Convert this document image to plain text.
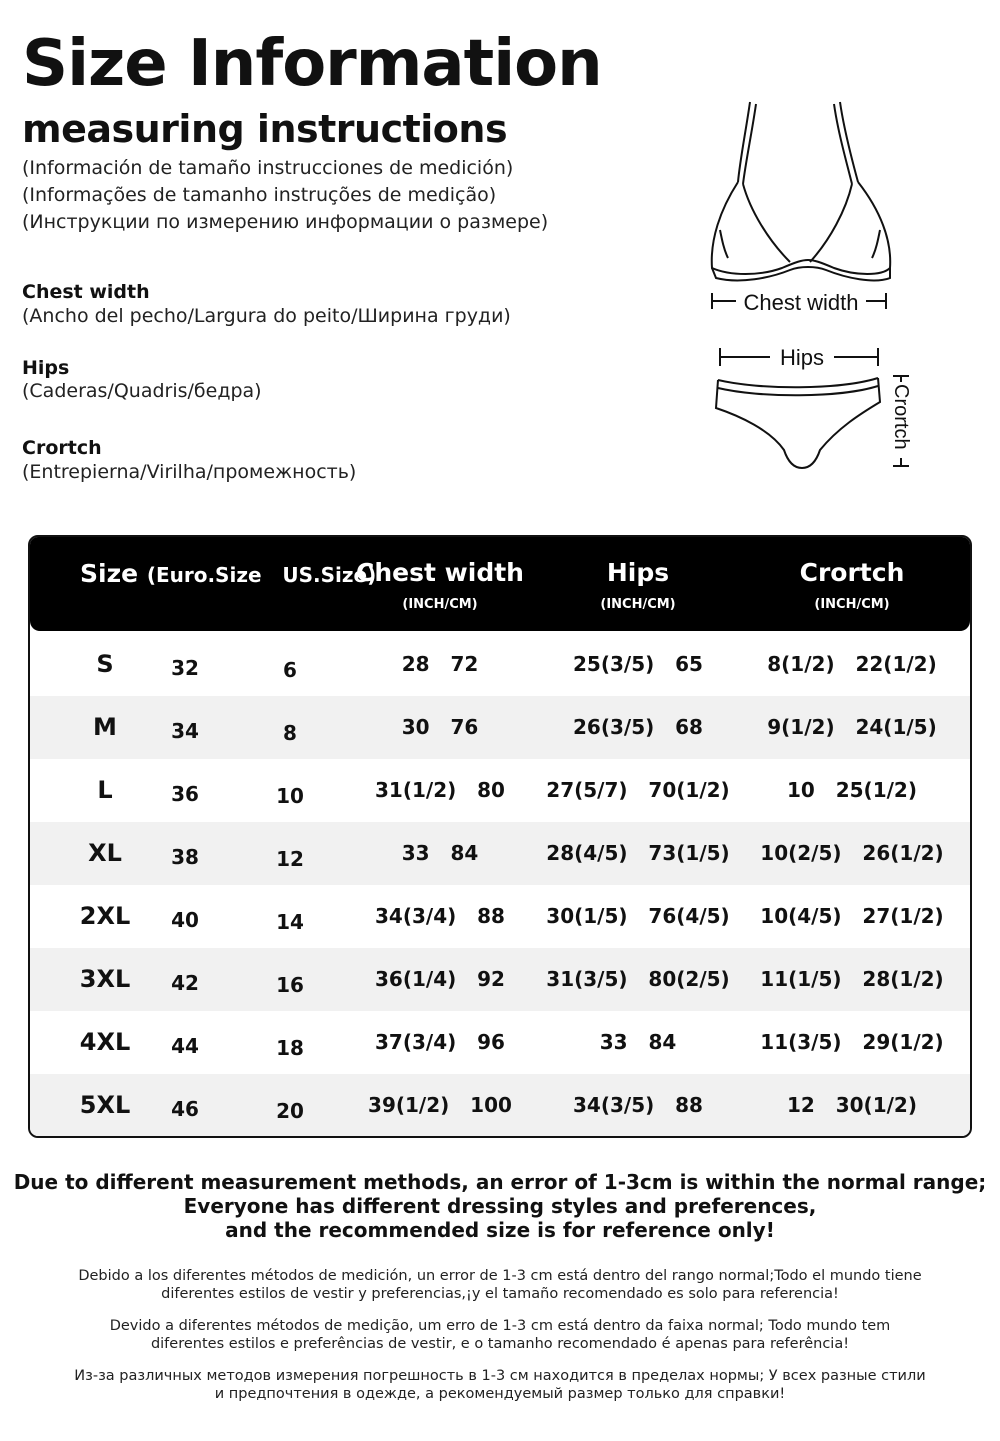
Size Information
measuring instructions
(Información de tamaño instrucciones de medición)
(Informações de tamanho instruções de medição)
(Инструкции по измерению информации о размере)
Chest width
(Ancho del pecho/Largura do peito/Ширина груди)
Hips
(Caderas/Quadris/бедра)
Crortch
(Entrepierna/Virilha/промежность)
Chest width
Hips
Crortch
Size (Euro.Size   US.Size)
Chest width
(INCH/CM)
Hips
(INCH/CM)
Crortch
(INCH/CM)
S	32	6	28   72	25(3/5)   65	8(1/2)   22(1/2)
M	34	8	30   76	26(3/5)   68	9(1/2)   24(1/5)
L	36	10	31(1/2)   80	27(5/7)   70(1/2)	10   25(1/2)
XL	38	12	33   84	28(4/5)   73(1/5)	10(2/5)   26(1/2)
2XL	40	14	34(3/4)   88	30(1/5)   76(4/5)	10(4/5)   27(1/2)
3XL	42	16	36(1/4)   92	31(3/5)   80(2/5)	11(1/5)   28(1/2)
4XL	44	18	37(3/4)   96	33   84	11(3/5)   29(1/2)
5XL	46	20	39(1/2)   100	34(3/5)   88	12   30(1/2)
Due to different measurement methods, an error of 1-3cm is within the normal range;
Everyone has different dressing styles and preferences,
and the recommended size is for reference only!
Debido a los diferentes métodos de medición, un error de 1-3 cm está dentro del rango normal;Todo el mundo tiene
diferentes estilos de vestir y preferencias,¡y el tamaño recomendado es solo para referencia!
Devido a diferentes métodos de medição, um erro de 1-3 cm está dentro da faixa normal; Todo mundo tem
diferentes estilos e preferências de vestir, e o tamanho recomendado é apenas para referência!
Из-за различных методов измерения погрешность в 1-3 см находится в пределах нормы; У всех разные стили
и предпочтения в одежде, а рекомендуемый размер только для справки!
